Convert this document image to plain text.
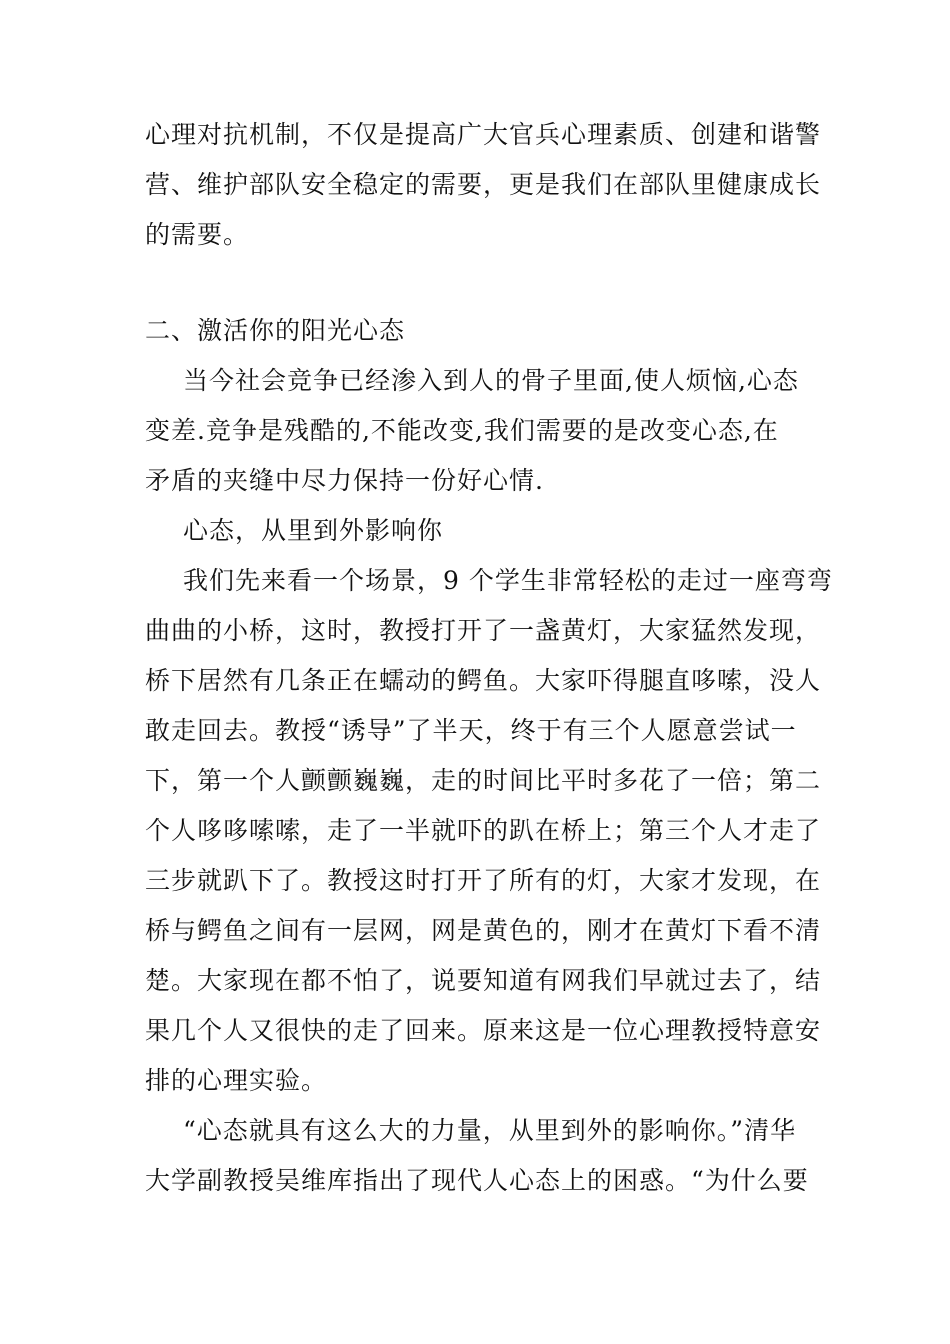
心理对抗机制，不仅是提高广大官兵心理素质、创建和谐警
营、维护部队安全稳定的需要，更是我们在部队里健康成长
的需要。
二、激活你的阳光心态
当今社会竞争已经渗入到人的骨子里面,使人烦恼,心态
变差.竞争是残酷的,不能改变,我们需要的是改变心态,在
矛盾的夹缝中尽力保持一份好心情.
心态，从里到外影响你
我们先来看一个场景，9 个学生非常轻松的走过一座弯弯
曲曲的小桥，这时，教授打开了一盏黄灯，大家猛然发现，
桥下居然有几条正在蠕动的鳄鱼。大家吓得腿直哆嗦，没人
敢走回去。教授“诱导”了半天，终于有三个人愿意尝试一
下，第一个人颤颤巍巍，走的时间比平时多花了一倍；第二
个人哆哆嗦嗦，走了一半就吓的趴在桥上；第三个人才走了
三步就趴下了。教授这时打开了所有的灯，大家才发现，在
桥与鳄鱼之间有一层网，网是黄色的，刚才在黄灯下看不清
楚。大家现在都不怕了，说要知道有网我们早就过去了，结
果几个人又很快的走了回来。原来这是一位心理教授特意安
排的心理实验。
“心态就具有这么大的力量，从里到外的影响你。”清华
大学副教授吴维库指出了现代人心态上的困惑。“为什么要
